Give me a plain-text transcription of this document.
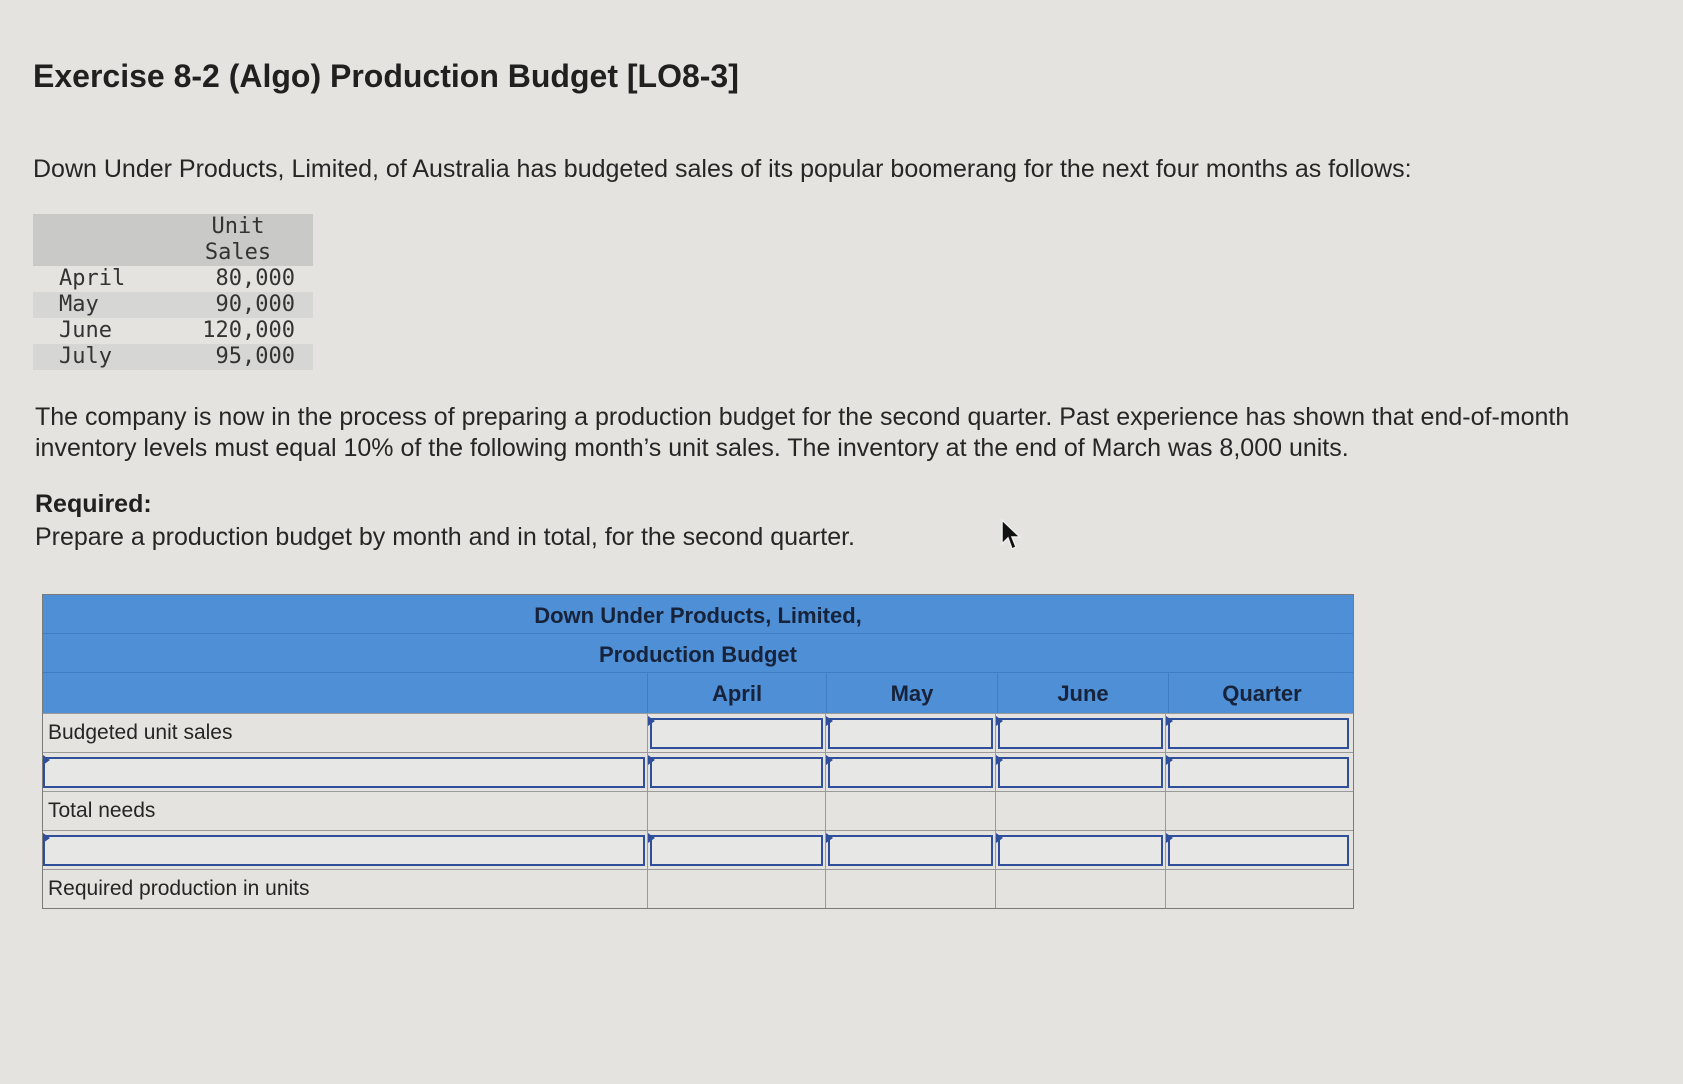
Exercise 8-2 (Algo) Production Budget [LO8-3]

Down Under Products, Limited, of Australia has budgeted sales of its popular boomerang for the next four months as follows:

	Unit
Sales
April	80,000
May	90,000
June	120,000
July	95,000

The company is now in the process of preparing a production budget for the second quarter. Past experience has shown that end-of-month inventory levels must equal 10% of the following month’s unit sales. The inventory at the end of March was 8,000 units.

Required:

Prepare a production budget by month and in total, for the second quarter.

Down Under Products, Limited,
Production Budget
April	May	June	Quarter
Budgeted unit sales
Total needs
Required production in units
